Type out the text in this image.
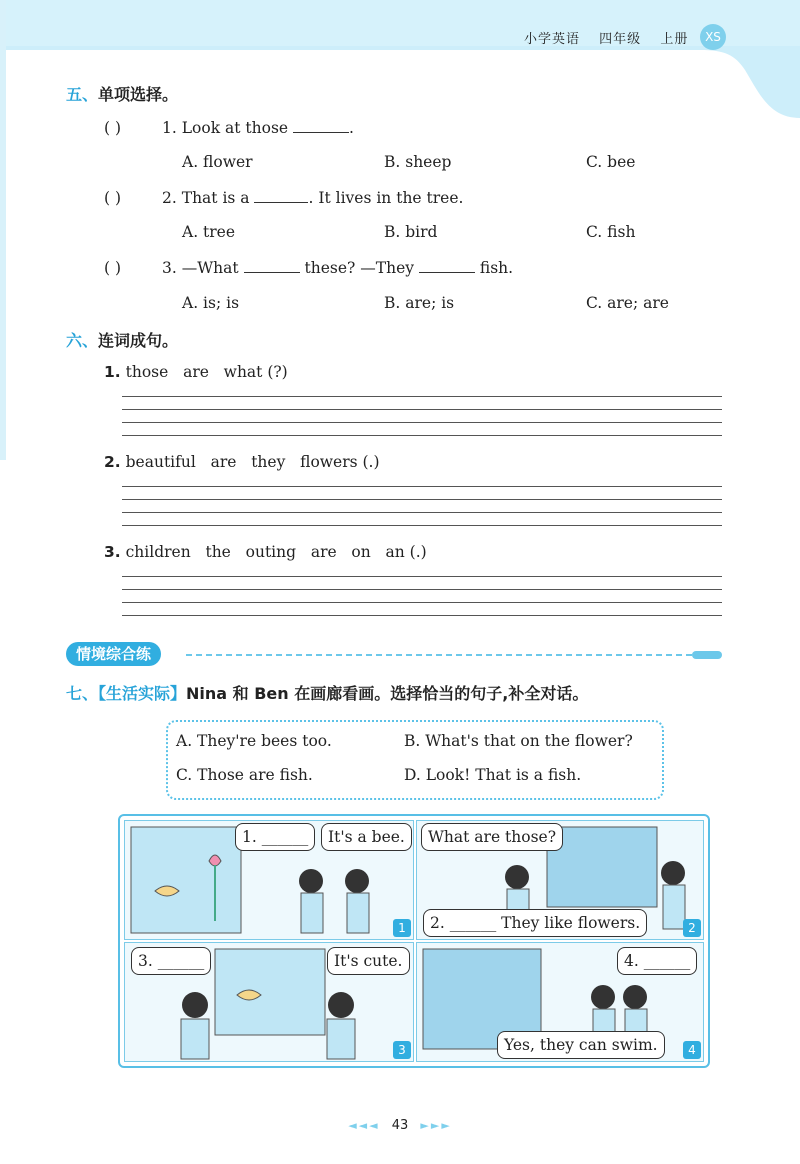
小学英语 四年级 上册	XS
五、单项选择。
( )	1. Look at those	.
A. flower	B. sheep	C. bee
( )	2. That is a	. It lives in the tree.
A. tree	B. bird	C. fish
( )	3. —What	these? —They	fish.
A. is; is	B. are; is	C. are; are
六、连词成句。
1. those   are   what (?)
2. beautiful   are   they   flowers (.)
3. children   the   outing   are   on   an (.)
情境综合练
七、【生活实际】Nina 和 Ben 在画廊看画。选择恰当的句子,补全对话。
A. They're bees too.	B. What's that on the flower?
C. Those are fish.	D. Look! That is a fish.
1. ______	It's a bee.
1
What are those?
2. ______ They like flowers.	2
3. ______	It's cute.
3
4. ______
Yes, they can swim.	4
◄◄◄ 43 ►►►
